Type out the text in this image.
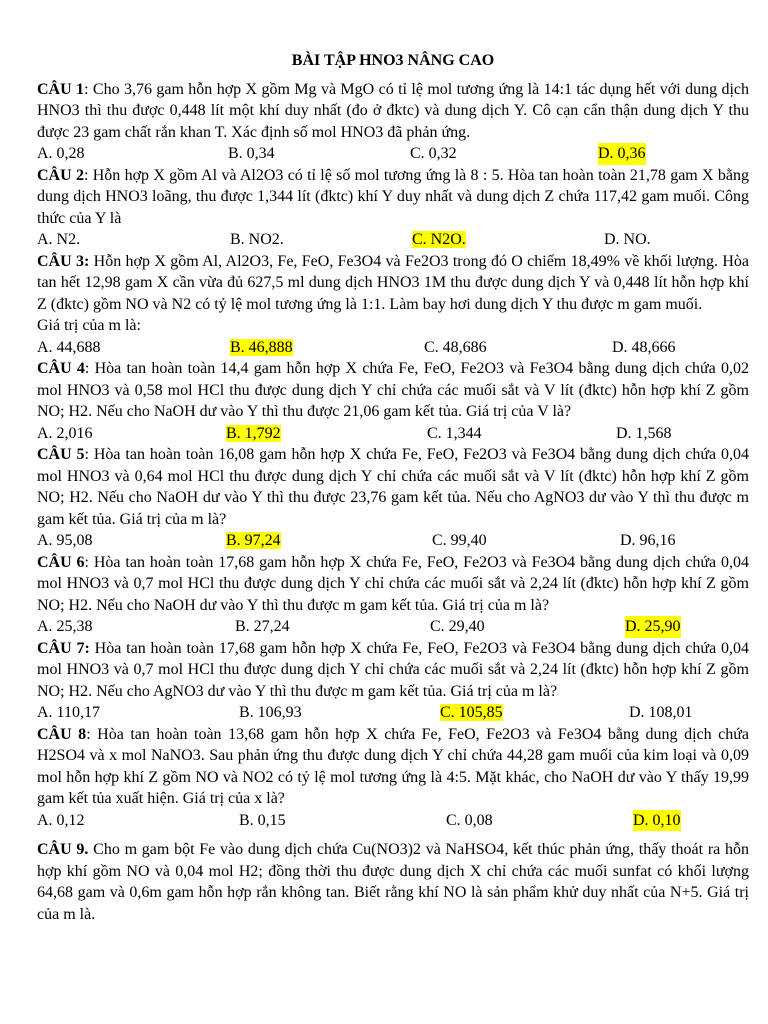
BÀI TẬP HNO3 NÂNG CAO
CÂU 1: Cho 3,76 gam hỗn hợp X gồm Mg và MgO có tỉ lệ mol tương ứng là 14:1 tác dụng hết với dung dịch HNO3 thì thu được 0,448 lít một khí duy nhất (đo ở đktc) và dung dịch Y. Cô cạn cẩn thận dung dịch Y thu được 23 gam chất rắn khan T. Xác định số mol HNO3 đã phản ứng.
A. 0,28	B. 0,34	C. 0,32	D. 0,36
CÂU 2: Hỗn hợp X gồm Al và Al2O3 có tỉ lệ số mol tương ứng là 8 : 5. Hòa tan hoàn toàn 21,78 gam X bằng dung dịch HNO3 loãng, thu được 1,344 lít (đktc) khí Y duy nhất và dung dịch Z chứa 117,42 gam muối. Công thức của Y là
A. N2.	B. NO2.	C. N2O.	D. NO.
CÂU 3: Hỗn hợp X gồm Al, Al2O3, Fe, FeO, Fe3O4 và Fe2O3 trong đó O chiếm 18,49% về khối lượng. Hòa tan hết 12,98 gam X cần vừa đủ 627,5 ml dung dịch HNO3 1M thu được dung dịch Y và 0,448 lít hỗn hợp khí Z (đktc) gồm NO và N2 có tỷ lệ mol tương ứng là 1:1. Làm bay hơi dung dịch Y thu được m gam muối.
Giá trị của m là:
A. 44,688	B. 46,888	C. 48,686	D. 48,666
CÂU 4: Hòa tan hoàn toàn 14,4 gam hỗn hợp X chứa Fe, FeO, Fe2O3 và Fe3O4 bằng dung dịch chứa 0,02 mol HNO3 và 0,58 mol HCl thu được dung dịch Y chỉ chứa các muối sắt và V lít (đktc) hỗn hợp khí Z gồm NO; H2. Nếu cho NaOH dư vào Y thì thu được 21,06 gam kết tủa. Giá trị của V là?
A. 2,016	B. 1,792	C. 1,344	D. 1,568
CÂU 5: Hòa tan hoàn toàn 16,08 gam hỗn hợp X chứa Fe, FeO, Fe2O3 và Fe3O4 bằng dung dịch chứa 0,04 mol HNO3 và 0,64 mol HCl thu được dung dịch Y chỉ chứa các muối sắt và V lít (đktc) hỗn hợp khí Z gồm NO; H2. Nếu cho NaOH dư vào Y thì thu được 23,76 gam kết tủa. Nếu cho AgNO3 dư vào Y thì thu được m gam kết tủa. Giá trị của m là?
A. 95,08	B. 97,24	C. 99,40	D. 96,16
CÂU 6: Hòa tan hoàn toàn 17,68 gam hỗn hợp X chứa Fe, FeO, Fe2O3 và Fe3O4 bằng dung dịch chứa 0,04 mol HNO3 và 0,7 mol HCl thu được dung dịch Y chỉ chứa các muối sắt và 2,24 lít (đktc) hỗn hợp khí Z gồm NO; H2. Nếu cho NaOH dư vào Y thì thu được m gam kết tủa. Giá trị của m là?
A. 25,38	B. 27,24	C. 29,40	D. 25,90
CÂU 7: Hòa tan hoàn toàn 17,68 gam hỗn hợp X chứa Fe, FeO, Fe2O3 và Fe3O4 bằng dung dịch chứa 0,04 mol HNO3 và 0,7 mol HCl thu được dung dịch Y chỉ chứa các muối sắt và 2,24 lít (đktc) hỗn hợp khí Z gồm NO; H2. Nếu cho AgNO3 dư vào Y thì thu được m gam kết tủa. Giá trị của m là?
A. 110,17	B. 106,93	C. 105,85	D. 108,01
CÂU 8: Hòa tan hoàn toàn 13,68 gam hỗn hợp X chứa Fe, FeO, Fe2O3 và Fe3O4 bằng dung dịch chứa H2SO4 và x mol NaNO3. Sau phản ứng thu được dung dịch Y chỉ chứa 44,28 gam muối của kim loại và 0,09 mol hỗn hợp khí Z gồm NO và NO2 có tỷ lệ mol tương ứng là 4:5. Mặt khác, cho NaOH dư vào Y thấy 19,99 gam kết tủa xuất hiện. Giá trị của x là?
A. 0,12	B. 0,15	C. 0,08	D. 0,10
CÂU 9. Cho m gam bột Fe vào dung dịch chứa Cu(NO3)2 và NaHSO4, kết thúc phản ứng, thấy thoát ra hỗn hợp khí gồm NO và 0,04 mol H2; đồng thời thu được dung dịch X chỉ chứa các muối sunfat có khối lượng 64,68 gam và 0,6m gam hỗn hợp rắn không tan. Biết rằng khí NO là sản phẩm khử duy nhất của N+5. Giá trị của m là.
